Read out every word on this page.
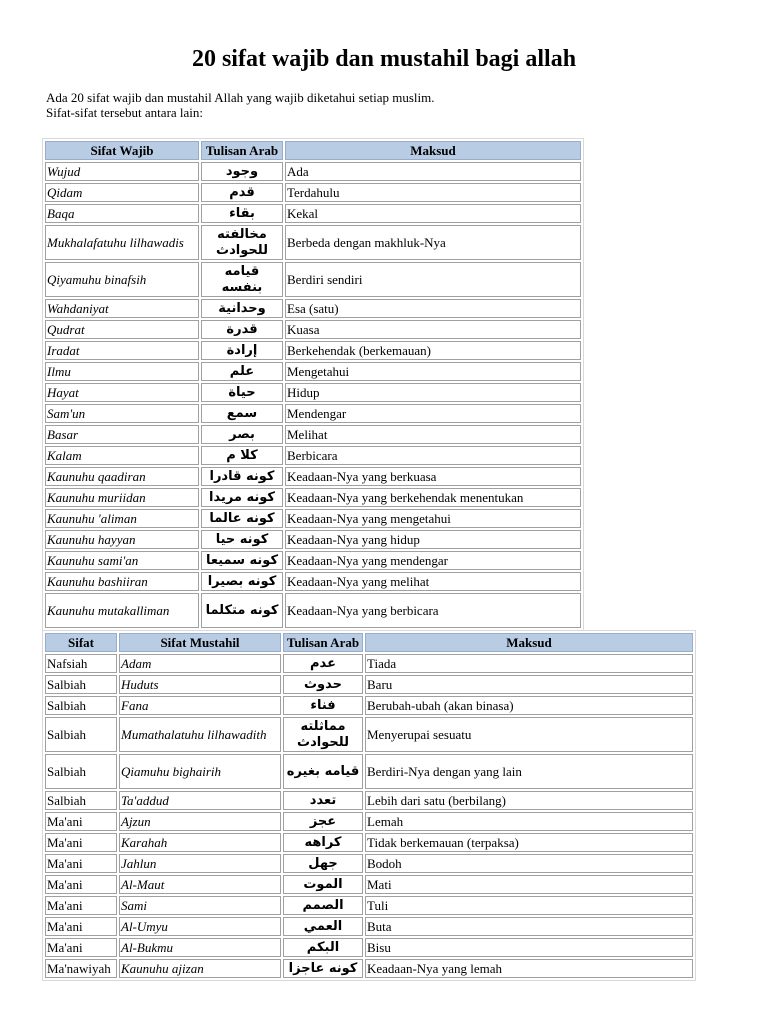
20 sifat wajib dan mustahil bagi allah
Ada 20 sifat wajib dan mustahil Allah yang wajib diketahui setiap muslim.
Sifat-sifat tersebut antara lain:
Sifat Wajib	Tulisan Arab	Maksud
Wujud	وجود	Ada
Qidam	قدم	Terdahulu
Baqa	بقاء	Kekal
Mukhalafatuhu lilhawadis	مخالفته للحوادث	Berbeda dengan makhluk-Nya
Qiyamuhu binafsih	قيامه بنفسه	Berdiri sendiri
Wahdaniyat	وحدانية	Esa (satu)
Qudrat	قدرة	Kuasa
Iradat	إرادة	Berkehendak (berkemauan)
Ilmu	علم	Mengetahui
Hayat	حياة	Hidup
Sam'un	سمع	Mendengar
Basar	بصر	Melihat
Kalam	كلا م	Berbicara
Kaunuhu qaadiran	كونه قادرا	Keadaan-Nya yang berkuasa
Kaunuhu muriidan	كونه مريدا	Keadaan-Nya yang berkehendak menentukan
Kaunuhu 'aliman	كونه عالما	Keadaan-Nya yang mengetahui
Kaunuhu hayyan	كونه حيا	Keadaan-Nya yang hidup
Kaunuhu sami'an	كونه سميعا	Keadaan-Nya yang mendengar
Kaunuhu bashiiran	كونه بصيرا	Keadaan-Nya yang melihat
Kaunuhu mutakalliman	كونه متكلما	Keadaan-Nya yang berbicara
Sifat	Sifat Mustahil	Tulisan Arab	Maksud
Nafsiah	Adam	عدم	Tiada
Salbiah	Huduts	حدوث	Baru
Salbiah	Fana	فناء	Berubah-ubah (akan binasa)
Salbiah	Mumathalatuhu lilhawadith	مماثلته للحوادث	Menyerupai sesuatu
Salbiah	Qiamuhu bighairih	قيامه بغيره	Berdiri-Nya dengan yang lain
Salbiah	Ta'addud	تعدد	Lebih dari satu (berbilang)
Ma'ani	Ajzun	عجز	Lemah
Ma'ani	Karahah	كراهه	Tidak berkemauan (terpaksa)
Ma'ani	Jahlun	جهل	Bodoh
Ma'ani	Al-Maut	الموت	Mati
Ma'ani	Sami	الصمم	Tuli
Ma'ani	Al-Umyu	العمي	Buta
Ma'ani	Al-Bukmu	البكم	Bisu
Ma'nawiyah	Kaunuhu ajizan	كونه عاجزا	Keadaan-Nya yang lemah
